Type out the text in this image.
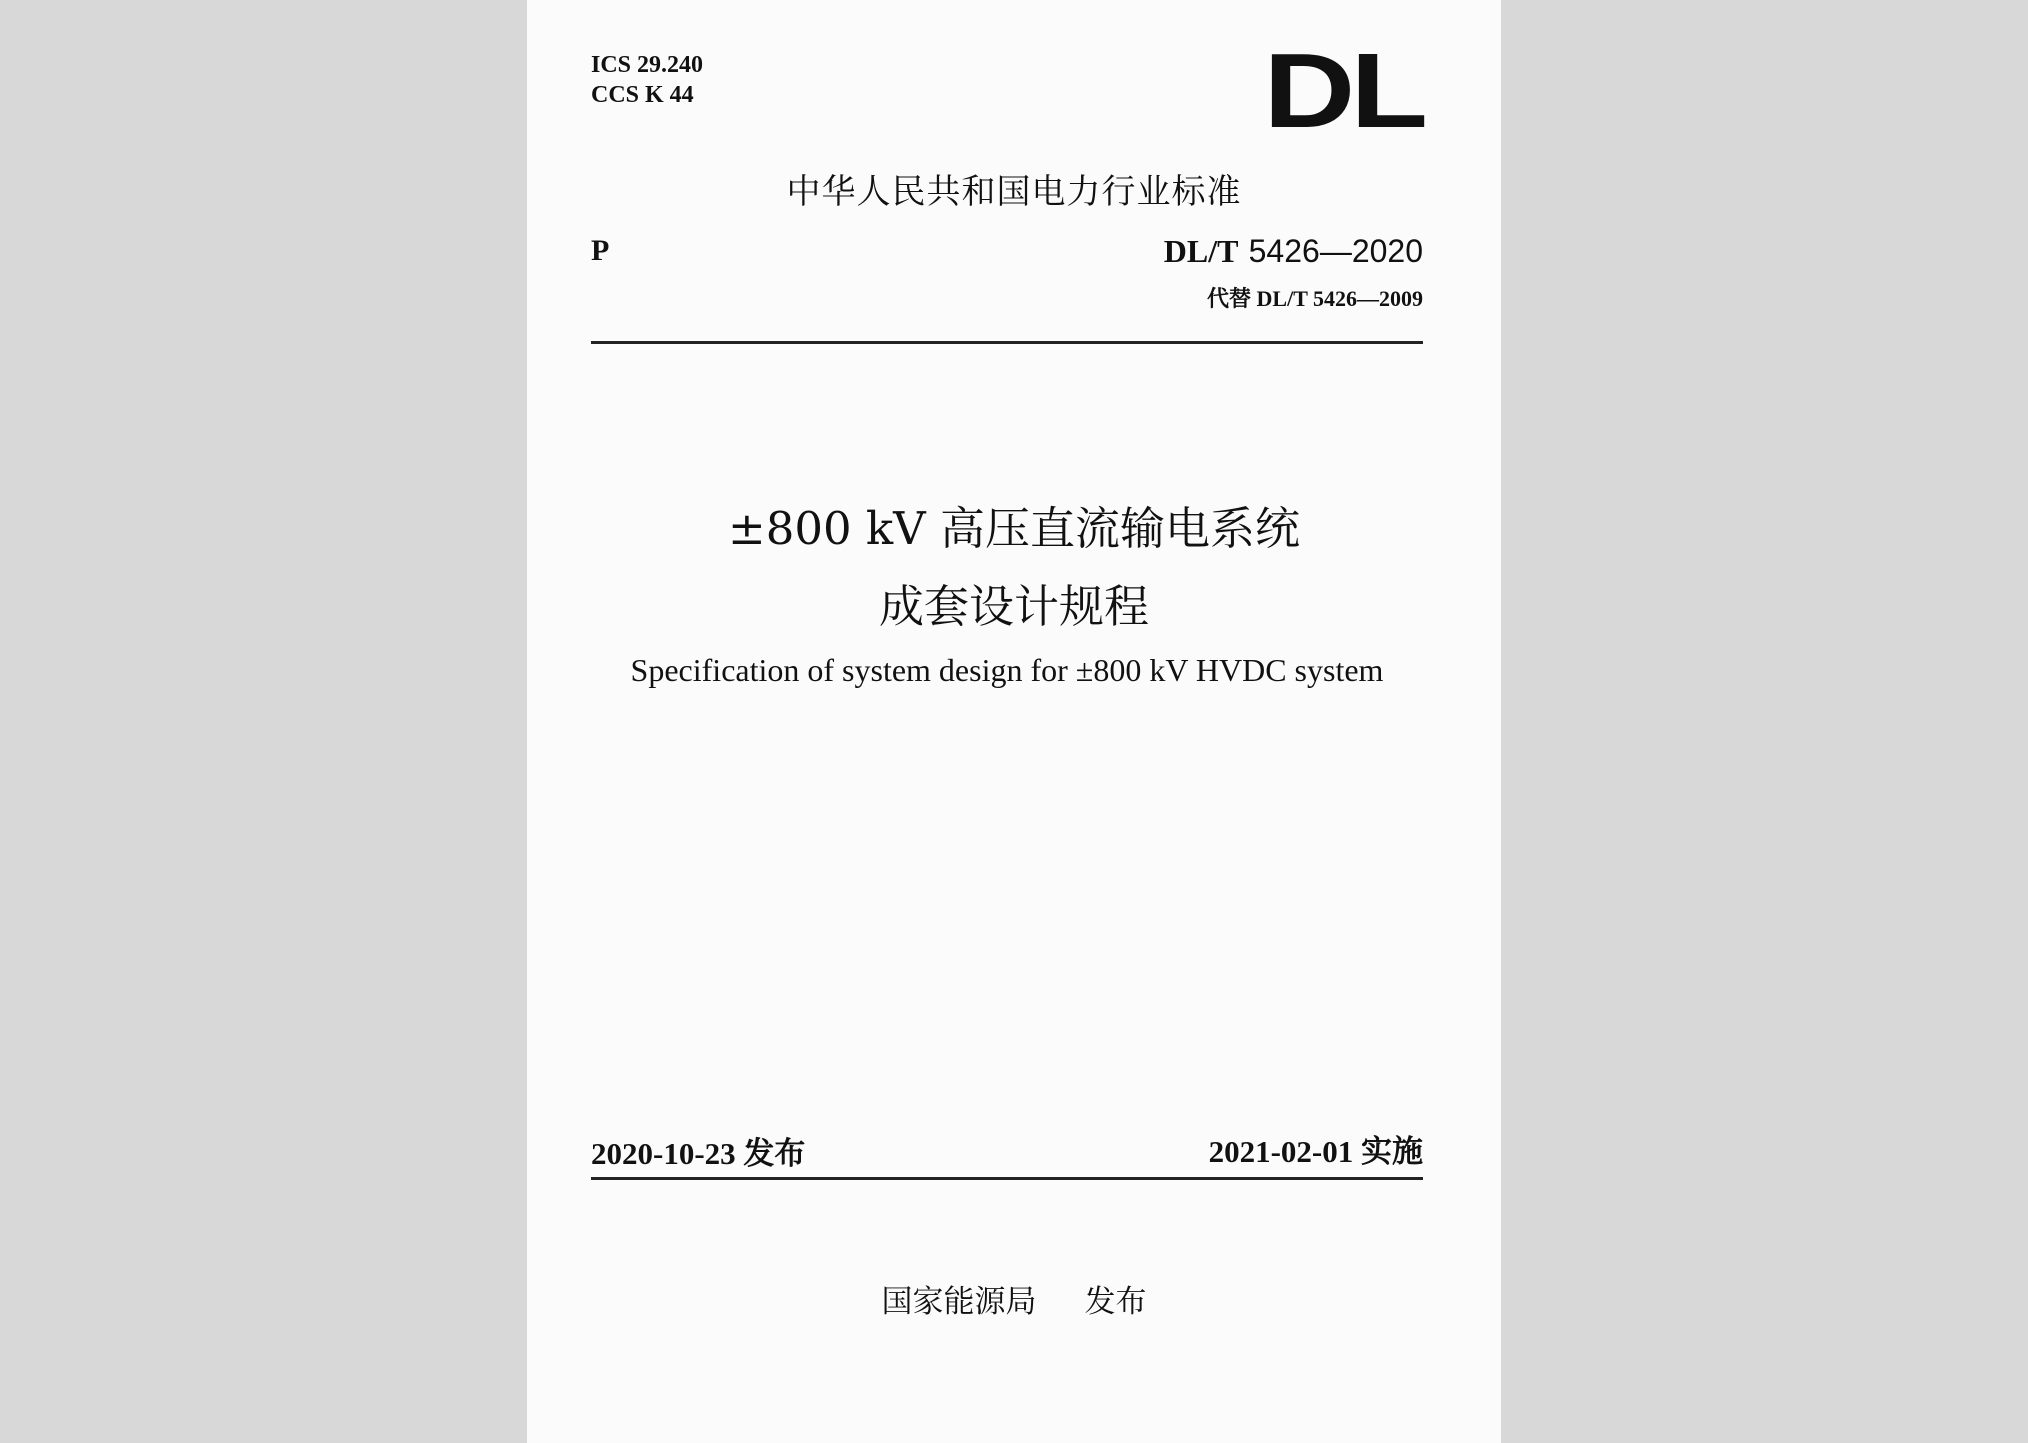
ICS 29.240
CCS K 44	DL
中华人民共和国电力行业标准
P	DL/T 5426—2020
代替 DL/T 5426—2009
±800 kV 高压直流输电系统
成套设计规程
Specification of system design for ±800 kV HVDC system
2020-10-23 发布	2021-02-01 实施
国家能源局 发布
